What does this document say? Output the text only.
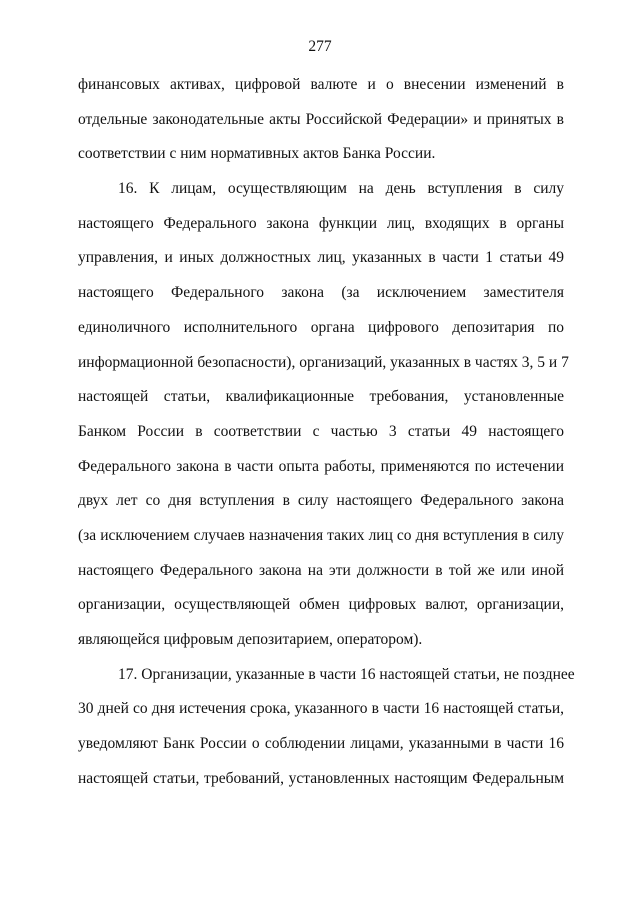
277
финансовых активах, цифровой валюте и о внесении изменений в
отдельные законодательные акты Российской Федерации» и принятых в
соответствии с ним нормативных актов Банка России.
16. К лицам, осуществляющим на день вступления в силу
настоящего Федерального закона функции лиц, входящих в органы
управления, и иных должностных лиц, указанных в части 1 статьи 49
настоящего Федерального закона (за исключением заместителя
единоличного исполнительного органа цифрового депозитария по
информационной безопасности), организаций, указанных в частях 3, 5 и 7
настоящей статьи, квалификационные требования, установленные
Банком России в соответствии с частью 3 статьи 49 настоящего
Федерального закона в части опыта работы, применяются по истечении
двух лет со дня вступления в силу настоящего Федерального закона
(за исключением случаев назначения таких лиц со дня вступления в силу
настоящего Федерального закона на эти должности в той же или иной
организации, осуществляющей обмен цифровых валют, организации,
являющейся цифровым депозитарием, оператором).
17. Организации, указанные в части 16 настоящей статьи, не позднее
30 дней со дня истечения срока, указанного в части 16 настоящей статьи,
уведомляют Банк России о соблюдении лицами, указанными в части 16
настоящей статьи, требований, установленных настоящим Федеральным
